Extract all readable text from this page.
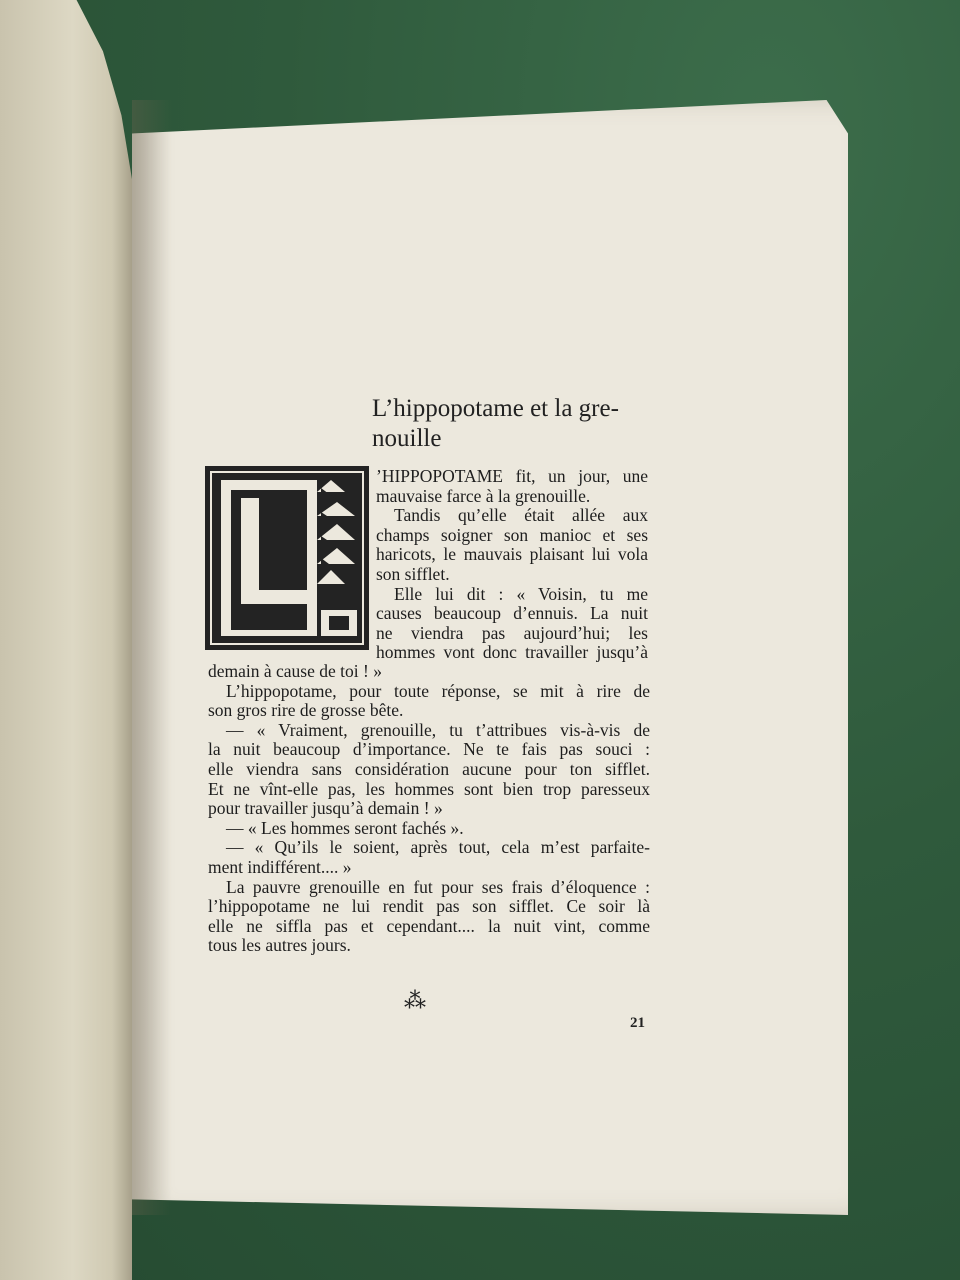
L’hippopotame et la gre-
nouille
’HIPPOPOTAME fit, un jour, une
mauvaise farce à la grenouille.
Tandis qu’elle était allée aux
champs soigner son manioc et ses
haricots, le mauvais plaisant lui vola
son sifflet.
Elle lui dit : « Voisin, tu me
causes beaucoup d’ennuis. La nuit
ne viendra pas aujourd’hui; les
hommes vont donc travailler jusqu’à
demain à cause de toi ! »
L’hippopotame, pour toute réponse, se mit à rire de
son gros rire de grosse bête.
— « Vraiment, grenouille, tu t’attribues vis-à-vis de
la nuit beaucoup d’importance. Ne te fais pas souci :
elle viendra sans considération aucune pour ton sifflet.
Et ne vînt-elle pas, les hommes sont bien trop paresseux
pour travailler jusqu’à demain ! »
— « Les hommes seront fachés ».
— « Qu’ils le soient, après tout, cela m’est parfaite-
ment indifférent.... »
La pauvre grenouille en fut pour ses frais d’éloquence :
l’hippopotame ne lui rendit pas son sifflet. Ce soir là
elle ne siffla pas et cependant.... la nuit vint, comme
tous les autres jours.
⁂
21
